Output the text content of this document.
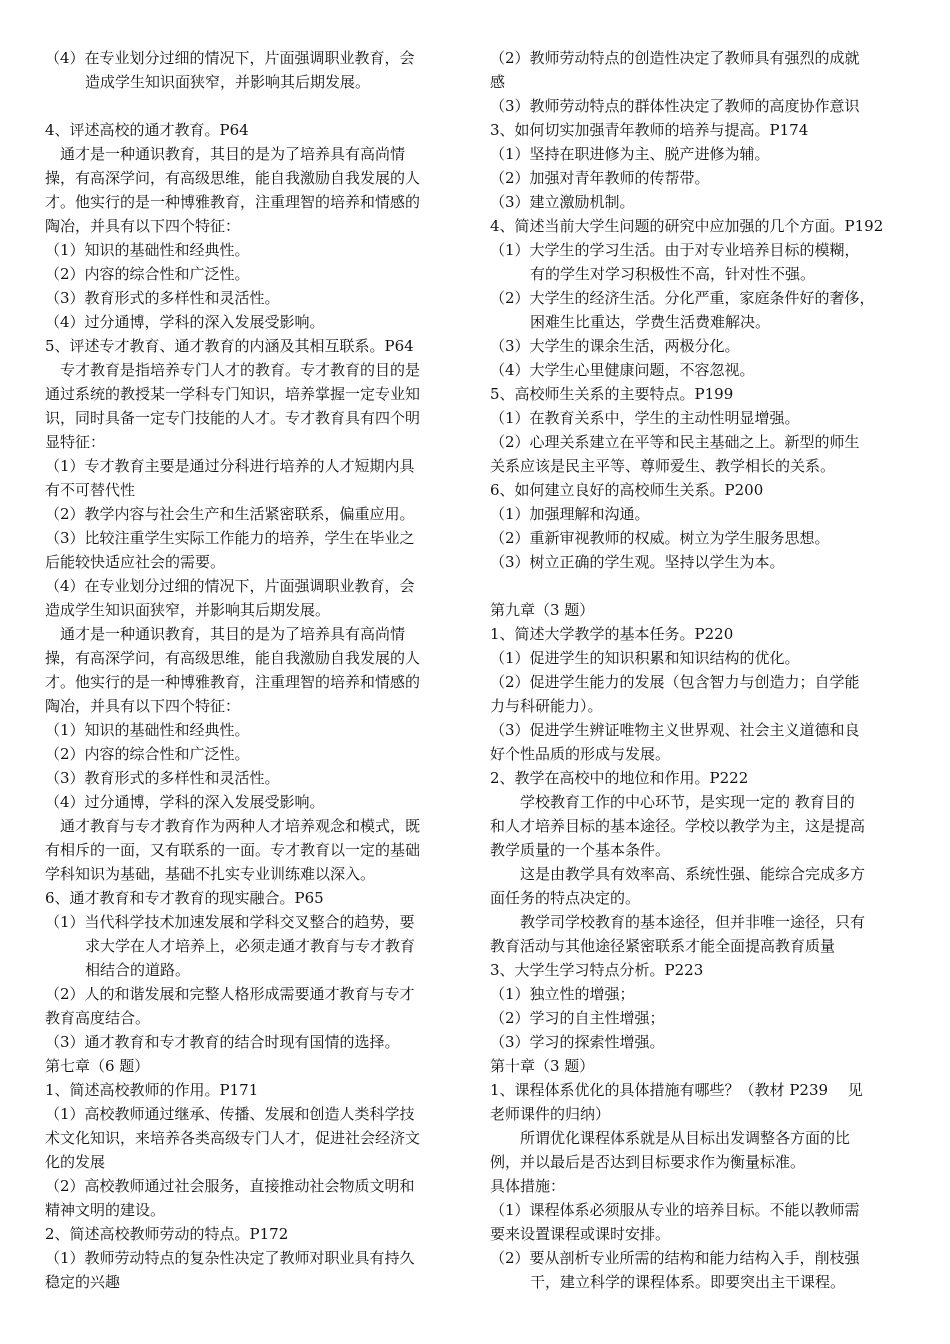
（4）在专业划分过细的情况下，片面强调职业教育，会
造成学生知识面狭窄，并影响其后期发展。
4、评述高校的通才教育。P64
　通才是一种通识教育，其目的是为了培养具有高尚情
操，有高深学问，有高级思维，能自我激励自我发展的人
才。他实行的是一种博雅教育，注重理智的培养和情感的
陶冶，并具有以下四个特征：
（1）知识的基础性和经典性。
（2）内容的综合性和广泛性。
（3）教育形式的多样性和灵活性。
（4）过分通博，学科的深入发展受影响。
5、评述专才教育、通才教育的内涵及其相互联系。P64
　专才教育是指培养专门人才的教育。专才教育的目的是
通过系统的教授某一学科专门知识，培养掌握一定专业知
识，同时具备一定专门技能的人才。专才教育具有四个明
显特征：
（1）专才教育主要是通过分科进行培养的人才短期内具
有不可替代性
（2）教学内容与社会生产和生活紧密联系，偏重应用。
（3）比较注重学生实际工作能力的培养，学生在毕业之
后能较快适应社会的需要。
（4）在专业划分过细的情况下，片面强调职业教育，会
造成学生知识面狭窄，并影响其后期发展。
　通才是一种通识教育，其目的是为了培养具有高尚情
操，有高深学问，有高级思维，能自我激励自我发展的人
才。他实行的是一种博雅教育，注重理智的培养和情感的
陶冶，并具有以下四个特征：
（1）知识的基础性和经典性。
（2）内容的综合性和广泛性。
（3）教育形式的多样性和灵活性。
（4）过分通博，学科的深入发展受影响。
　通才教育与专才教育作为两种人才培养观念和模式，既
有相斥的一面，又有联系的一面。专才教育以一定的基础
学科知识为基础，基础不扎实专业训练难以深入。
6、通才教育和专才教育的现实融合。P65
（1）当代科学技术加速发展和学科交叉整合的趋势，要
求大学在人才培养上，必须走通才教育与专才教育
相结合的道路。
（2）人的和谐发展和完整人格形成需要通才教育与专才
教育高度结合。
（3）通才教育和专才教育的结合时现有国情的选择。
第七章（6 题）
1、简述高校教师的作用。P171
（1）高校教师通过继承、传播、发展和创造人类科学技
术文化知识，来培养各类高级专门人才，促进社会经济文
化的发展
（2）高校教师通过社会服务，直接推动社会物质文明和
精神文明的建设。
2、简述高校教师劳动的特点。P172
（1）教师劳动特点的复杂性决定了教师对职业具有持久
稳定的兴趣
（2）教师劳动特点的创造性决定了教师具有强烈的成就
感
（3）教师劳动特点的群体性决定了教师的高度协作意识
3、如何切实加强青年教师的培养与提高。P174
（1）坚持在职进修为主、脱产进修为辅。
（2）加强对青年教师的传帮带。
（3）建立激励机制。
4、简述当前大学生问题的研究中应加强的几个方面。P192
（1）大学生的学习生活。由于对专业培养目标的模糊，
有的学生对学习积极性不高，针对性不强。
（2）大学生的经济生活。分化严重，家庭条件好的奢侈，
困难生比重达，学费生活费难解决。
（3）大学生的课余生活，两极分化。
（4）大学生心里健康问题，不容忽视。
5、高校师生关系的主要特点。P199
（1）在教育关系中，学生的主动性明显增强。
（2）心理关系建立在平等和民主基础之上。新型的师生
关系应该是民主平等、尊师爱生、教学相长的关系。
6、如何建立良好的高校师生关系。P200
（1）加强理解和沟通。
（2）重新审视教师的权威。树立为学生服务思想。
（3）树立正确的学生观。坚持以学生为本。
第九章（3 题）
1、简述大学教学的基本任务。P220
（1）促进学生的知识积累和知识结构的优化。
（2）促进学生能力的发展（包含智力与创造力；自学能
力与科研能力）。
（3）促进学生辨证唯物主义世界观、社会主义道德和良
好个性品质的形成与发展。
2、教学在高校中的地位和作用。P222
　　学校教育工作的中心环节，是实现一定的 教育目的
和人才培养目标的基本途径。学校以教学为主，这是提高
教学质量的一个基本条件。
　　这是由教学具有效率高、系统性强、能综合完成多方
面任务的特点决定的。
　　教学司学校教育的基本途径，但并非唯一途径，只有
教育活动与其他途径紧密联系才能全面提高教育质量
3、大学生学习特点分析。P223
（1）独立性的增强；
（2）学习的自主性增强；
（3）学习的探索性增强。
第十章（3 题）
1、课程体系优化的具体措施有哪些？（教材 P239　 见
老师课件的归纳）
　　所谓优化课程体系就是从目标出发调整各方面的比
例，并以最后是否达到目标要求作为衡量标准。
具体措施：
（1）课程体系必须服从专业的培养目标。不能以教师需
要来设置课程或课时安排。
（2）要从剖析专业所需的结构和能力结构入手，削枝强
干，建立科学的课程体系。即要突出主干课程。
